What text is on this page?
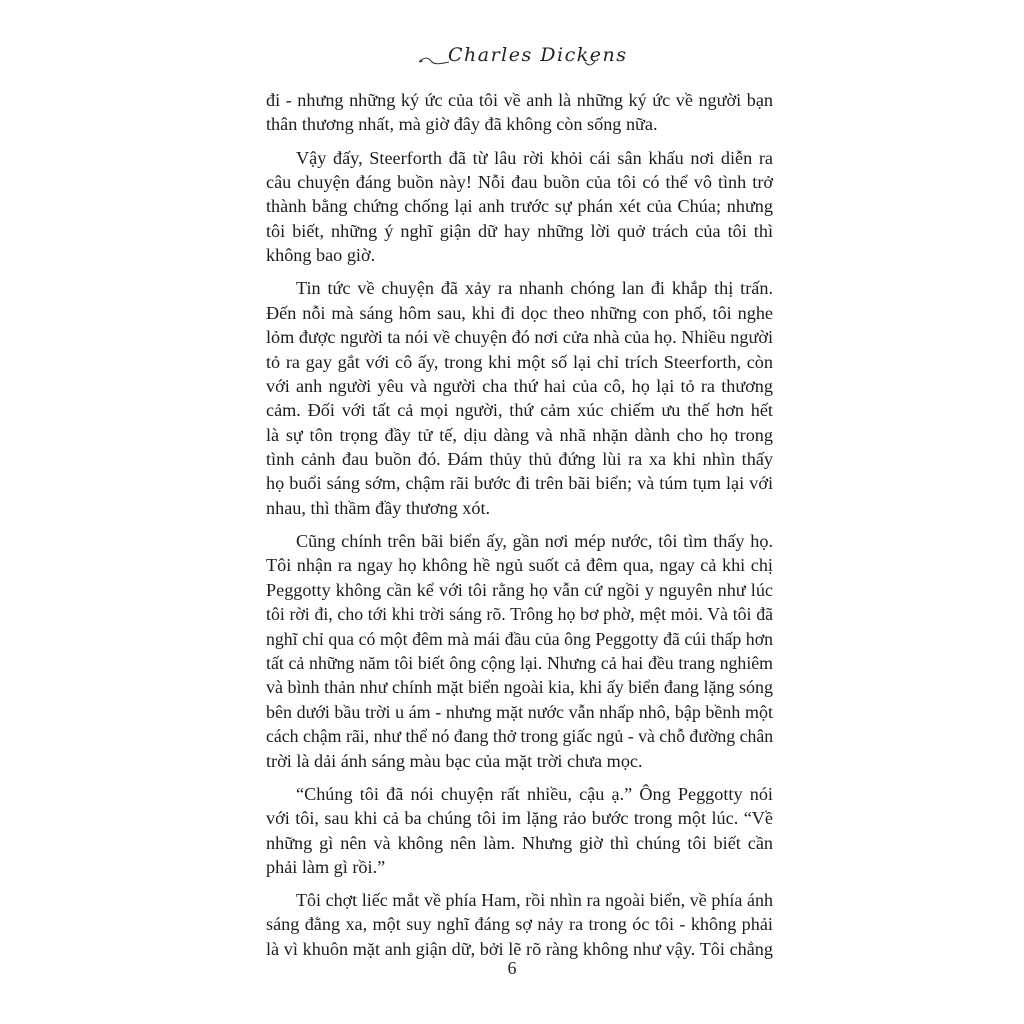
Charles Dickens
đi - nhưng những ký ức của tôi về anh là những ký ức về người bạn
thân thương nhất, mà giờ đây đã không còn sống nữa.
Vậy đấy, Steerforth đã từ lâu rời khỏi cái sân khấu nơi diễn ra
câu chuyện đáng buồn này! Nỗi đau buồn của tôi có thể vô tình trở
thành bằng chứng chống lại anh trước sự phán xét của Chúa; nhưng
tôi biết, những ý nghĩ giận dữ hay những lời quở trách của tôi thì
không bao giờ.
Tin tức về chuyện đã xảy ra nhanh chóng lan đi khắp thị trấn.
Đến nỗi mà sáng hôm sau, khi đi dọc theo những con phố, tôi nghe
lỏm được người ta nói về chuyện đó nơi cửa nhà của họ. Nhiều người
tỏ ra gay gắt với cô ấy, trong khi một số lại chỉ trích Steerforth, còn
với anh người yêu và người cha thứ hai của cô, họ lại tỏ ra thương
cảm. Đối với tất cả mọi người, thứ cảm xúc chiếm ưu thế hơn hết
là sự tôn trọng đầy tử tế, dịu dàng và nhã nhặn dành cho họ trong
tình cảnh đau buồn đó. Đám thủy thủ đứng lùi ra xa khi nhìn thấy
họ buổi sáng sớm, chậm rãi bước đi trên bãi biển; và túm tụm lại với
nhau, thì thầm đầy thương xót.
Cũng chính trên bãi biển ấy, gần nơi mép nước, tôi tìm thấy họ.
Tôi nhận ra ngay họ không hề ngủ suốt cả đêm qua, ngay cả khi chị
Peggotty không cần kể với tôi rằng họ vẫn cứ ngồi y nguyên như lúc
tôi rời đi, cho tới khi trời sáng rõ. Trông họ bơ phờ, mệt mỏi. Và tôi đã
nghĩ chỉ qua có một đêm mà mái đầu của ông Peggotty đã cúi thấp hơn
tất cả những năm tôi biết ông cộng lại. Nhưng cả hai đều trang nghiêm
và bình thản như chính mặt biển ngoài kia, khi ấy biển đang lặng sóng
bên dưới bầu trời u ám - nhưng mặt nước vẫn nhấp nhô, bập bềnh một
cách chậm rãi, như thể nó đang thở trong giấc ngủ - và chỗ đường chân
trời là dải ánh sáng màu bạc của mặt trời chưa mọc.
“Chúng tôi đã nói chuyện rất nhiều, cậu ạ.” Ông Peggotty nói
với tôi, sau khi cả ba chúng tôi im lặng rảo bước trong một lúc. “Về
những gì nên và không nên làm. Nhưng giờ thì chúng tôi biết cần
phải làm gì rồi.”
Tôi chợt liếc mắt về phía Ham, rồi nhìn ra ngoài biển, về phía ánh
sáng đằng xa, một suy nghĩ đáng sợ nảy ra trong óc tôi - không phải
là vì khuôn mặt anh giận dữ, bởi lẽ rõ ràng không như vậy. Tôi chẳng
6
